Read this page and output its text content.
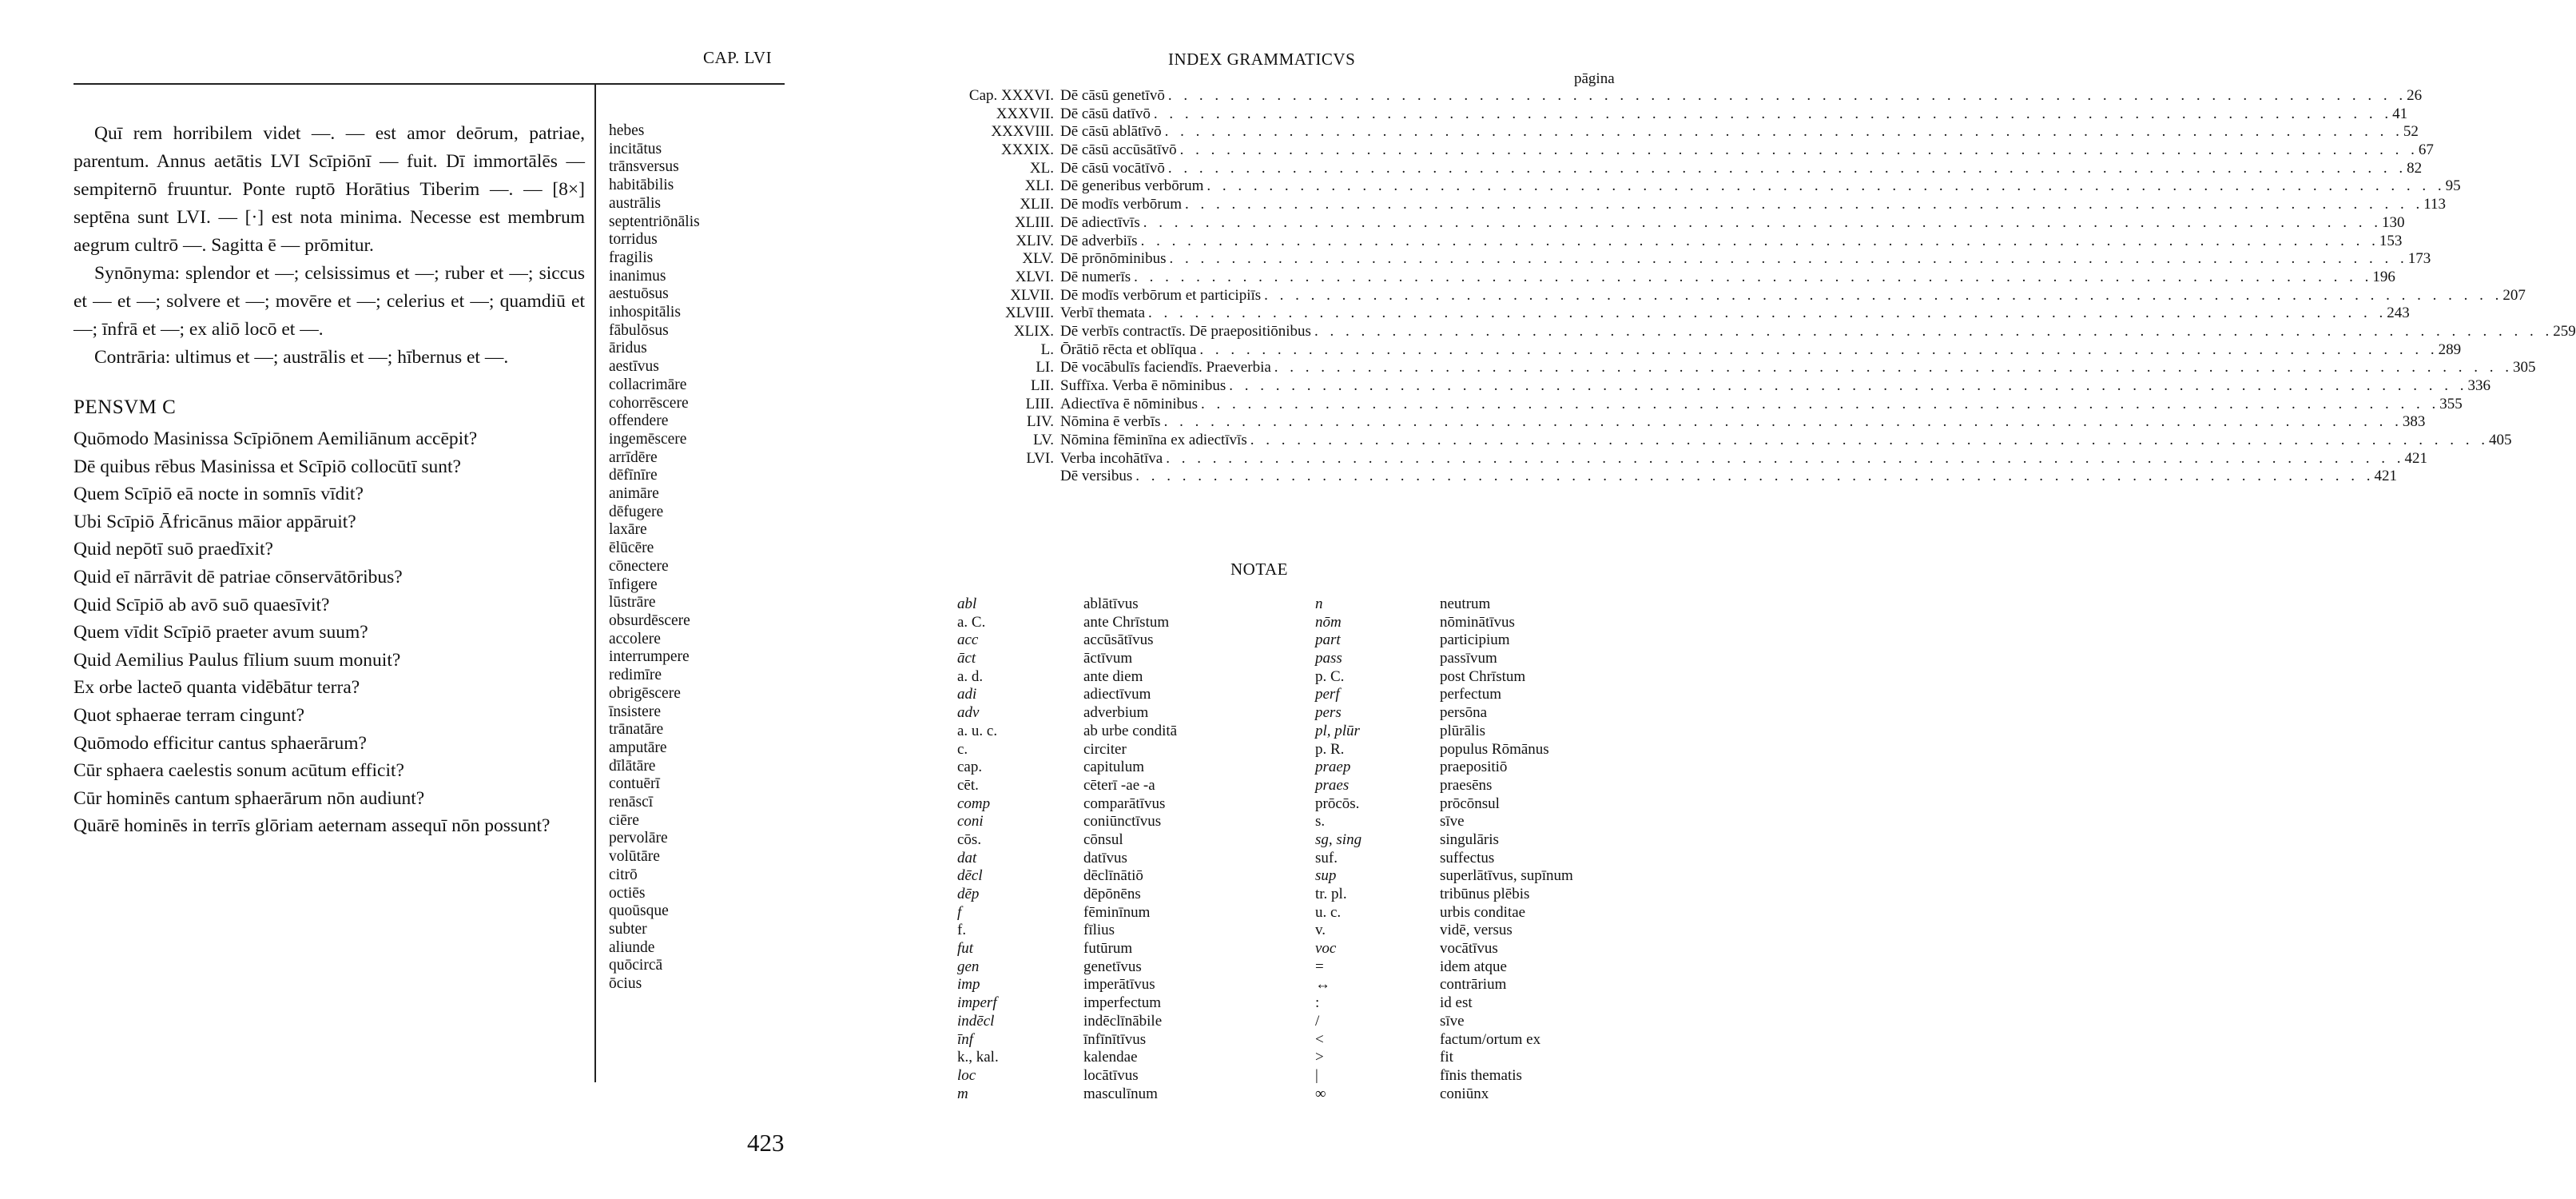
CAP. LVI

Quī rem horribilem videt —. — est amor deōrum, patriae, parentum. Annus aetātis LVI Scīpiōnī — fuit. Dī immortālēs — sempiternō fruuntur. Ponte ruptō Horātius Tiberim —. — [8×] septēna sunt LVI. — [·] est nota minima. Necesse est membrum aegrum cultrō —. Sagitta ē — prōmitur.

Synōnyma: splendor et —; celsissimus et —; ruber et —; siccus et — et —; solvere et —; movēre et —; celerius et —; quamdiū et —; īnfrā et —; ex aliō locō et —.

Contrāria: ultimus et —; austrālis et —; hībernus et —.

PENSVM C
Quōmodo Masinissa Scīpiōnem Aemiliānum accēpit?
Dē quibus rēbus Masinissa et Scīpiō collocūtī sunt?
Quem Scīpiō eā nocte in somnīs vīdit?
Ubi Scīpiō Āfricānus māior appāruit?
Quid nepōtī suō praedīxit?
Quid eī nārrāvit dē patriae cōnservātōribus?
Quid Scīpiō ab avō suō quaesīvit?
Quem vīdit Scīpiō praeter avum suum?
Quid Aemilius Paulus fīlium suum monuit?
Ex orbe lacteō quanta vidēbātur terra?
Quot sphaerae terram cingunt?
Quōmodo efficitur cantus sphaerārum?
Cūr sphaera caelestis sonum acūtum efficit?
Cūr hominēs cantum sphaerārum nōn audiunt?
Quārē hominēs in terrīs glōriam aeternam assequī nōn possunt?
hebes
incitātus
trānsversus
habitābilis
austrālis
septentriōnālis
torridus
fragilis
inanimus
aestuōsus
inhospitālis
fābulōsus
āridus
aestīvus
collacrimāre
cohorrēscere
offendere
ingemēscere
arrīdēre
dēfīnīre
animāre
dēfugere
laxāre
ēlūcēre
cōnectere
īnfigere
lūstrāre
obsurdēscere
accolere
interrumpere
redimīre
obrigēscere
īnsistere
trānatāre
amputāre
dīlātāre
contuērī
renāscī
ciēre
pervolāre
volūtāre
citrō
octiēs
quoūsque
subter
aliunde
quōcircā
ōcius
423
INDEX GRAMMATICVS
pāgina
Cap. XXXVI. Dē cāsū genetīvō . . . . . . . . . . . . . . . . . . . . . . . . . . . . . . . . . . . . . . . . . . . . . . . . . . . . . . . . . . . . . . . . . . . . . . . . . . . . . . . . 26
XXXVII. Dē cāsū datīvō . . . . . . . . . . . . . . . . . . . . . . . . . . . . . . . . . . . . . . . . . . . . . . . . . . . . . . . . . . . . . . . . . . . . . . . . . . . . . . . . 41
XXXVIII. Dē cāsū ablātīvō . . . . . . . . . . . . . . . . . . . . . . . . . . . . . . . . . . . . . . . . . . . . . . . . . . . . . . . . . . . . . . . . . . . . . . . . . . . . . . . . 52
XXXIX. Dē cāsū accūsātīvō . . . . . . . . . . . . . . . . . . . . . . . . . . . . . . . . . . . . . . . . . . . . . . . . . . . . . . . . . . . . . . . . . . . . . . . . . . . . . . . . 67
XL. Dē cāsū vocātīvō . . . . . . . . . . . . . . . . . . . . . . . . . . . . . . . . . . . . . . . . . . . . . . . . . . . . . . . . . . . . . . . . . . . . . . . . . . . . . . . . 82
XLI. Dē generibus verbōrum . . . . . . . . . . . . . . . . . . . . . . . . . . . . . . . . . . . . . . . . . . . . . . . . . . . . . . . . . . . . . . . . . . . . . . . . . . . . . . . . 95
XLII. Dē modīs verbōrum . . . . . . . . . . . . . . . . . . . . . . . . . . . . . . . . . . . . . . . . . . . . . . . . . . . . . . . . . . . . . . . . . . . . . . . . . . . . . . . . 113
XLIII. Dē adiectīvīs . . . . . . . . . . . . . . . . . . . . . . . . . . . . . . . . . . . . . . . . . . . . . . . . . . . . . . . . . . . . . . . . . . . . . . . . . . . . . . . . 130
XLIV. Dē adverbiīs . . . . . . . . . . . . . . . . . . . . . . . . . . . . . . . . . . . . . . . . . . . . . . . . . . . . . . . . . . . . . . . . . . . . . . . . . . . . . . . . 153
XLV. Dē prōnōminibus . . . . . . . . . . . . . . . . . . . . . . . . . . . . . . . . . . . . . . . . . . . . . . . . . . . . . . . . . . . . . . . . . . . . . . . . . . . . . . . . 173
XLVI. Dē numerīs . . . . . . . . . . . . . . . . . . . . . . . . . . . . . . . . . . . . . . . . . . . . . . . . . . . . . . . . . . . . . . . . . . . . . . . . . . . . . . . . 196
XLVII. Dē modīs verbōrum et participiīs . . . . . . . . . . . . . . . . . . . . . . . . . . . . . . . . . . . . . . . . . . . . . . . . . . . . . . . . . . . . . . . . . . . . . . . . . . . . . . . . 207
XLVIII. Verbī themata . . . . . . . . . . . . . . . . . . . . . . . . . . . . . . . . . . . . . . . . . . . . . . . . . . . . . . . . . . . . . . . . . . . . . . . . . . . . . . . . 243
XLIX. Dē verbīs contractīs. Dē praepositiōnibus . . . . . . . . . . . . . . . . . . . . . . . . . . . . . . . . . . . . . . . . . . . . . . . . . . . . . . . . . . . . . . . . . . . . . . . . . . . . . . . . 259
L. Ōrātiō rēcta et oblīqua . . . . . . . . . . . . . . . . . . . . . . . . . . . . . . . . . . . . . . . . . . . . . . . . . . . . . . . . . . . . . . . . . . . . . . . . . . . . . . . . 289
LI. Dē vocābulīs faciendīs. Praeverbia . . . . . . . . . . . . . . . . . . . . . . . . . . . . . . . . . . . . . . . . . . . . . . . . . . . . . . . . . . . . . . . . . . . . . . . . . . . . . . . . 305
LII. Suffīxa. Verba ē nōminibus . . . . . . . . . . . . . . . . . . . . . . . . . . . . . . . . . . . . . . . . . . . . . . . . . . . . . . . . . . . . . . . . . . . . . . . . . . . . . . . . 336
LIII. Adiectīva ē nōminibus . . . . . . . . . . . . . . . . . . . . . . . . . . . . . . . . . . . . . . . . . . . . . . . . . . . . . . . . . . . . . . . . . . . . . . . . . . . . . . . . 355
LIV. Nōmina ē verbīs . . . . . . . . . . . . . . . . . . . . . . . . . . . . . . . . . . . . . . . . . . . . . . . . . . . . . . . . . . . . . . . . . . . . . . . . . . . . . . . . 383
LV. Nōmina fēminīna ex adiectīvīs . . . . . . . . . . . . . . . . . . . . . . . . . . . . . . . . . . . . . . . . . . . . . . . . . . . . . . . . . . . . . . . . . . . . . . . . . . . . . . . . 405
LVI. Verba incohātīva . . . . . . . . . . . . . . . . . . . . . . . . . . . . . . . . . . . . . . . . . . . . . . . . . . . . . . . . . . . . . . . . . . . . . . . . . . . . . . . . 421
Dē versibus . . . . . . . . . . . . . . . . . . . . . . . . . . . . . . . . . . . . . . . . . . . . . . . . . . . . . . . . . . . . . . . . . . . . . . . . . . . . . . . . 421
NOTAE
abl	ablātīvus	n	neutrum
a. C.	ante Chrīstum	nōm	nōminātīvus
acc	accūsātīvus	part	participium
āct	āctīvum	pass	passīvum
a. d.	ante diem	p. C.	post Chrīstum
adi	adiectīvum	perf	perfectum
adv	adverbium	pers	persōna
a. u. c.	ab urbe conditā	pl, plūr	plūrālis
c.	circiter	p. R.	populus Rōmānus
cap.	capitulum	praep	praepositiō
cēt.	cēterī -ae -a	praes	praesēns
comp	comparātīvus	prōcōs.	prōcōnsul
coni	coniūnctīvus	s.	sīve
cōs.	cōnsul	sg, sing	singulāris
dat	datīvus	suf.	suffectus
dēcl	dēclīnātiō	sup	superlātīvus, supīnum
dēp	dēpōnēns	tr. pl.	tribūnus plēbis
f	fēminīnum	u. c.	urbis conditae
f.	fīlius	v.	vidē, versus
fut	futūrum	voc	vocātīvus
gen	genetīvus	=	idem atque
imp	imperātīvus	↔	contrārium
imperf	imperfectum	:	id est
indēcl	indēclīnābile	/	sīve
īnf	īnfīnītīvus	<	factum/ortum ex
k., kal.	kalendae	>	fit
loc	locātīvus	|	fīnis thematis
m	masculīnum	∞	coniūnx
